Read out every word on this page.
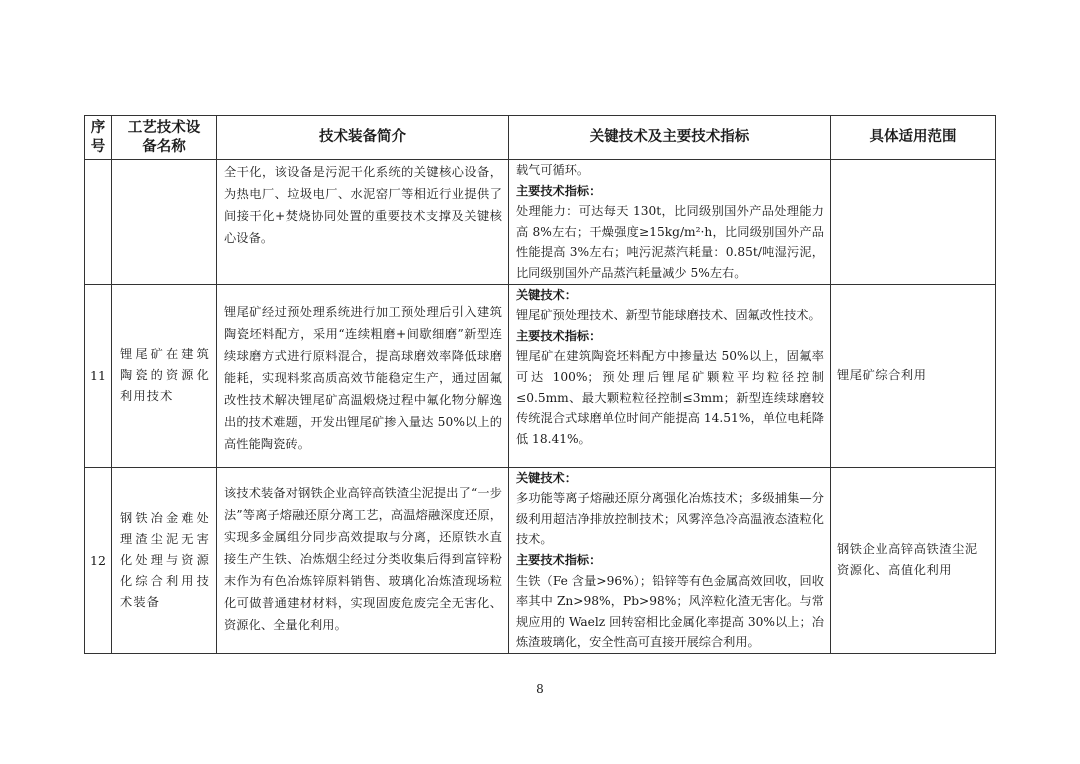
序号	工艺技术设备名称	技术装备简介	关键技术及主要技术指标	具体适用范围
		全干化，该设备是污泥干化系统的关键核心设备，为热电厂、垃圾电厂、水泥窑厂等相近行业提供了间接干化+焚烧协同处置的重要技术支撑及关键核心设备。	载气可循环。

主要技术指标：

处理能力：可达每天 130t，比同级别国外产品处理能力高 8%左右；干燥强度≥15kg/m²·h，比同级别国外产品性能提高 3%左右；吨污泥蒸汽耗量：0.85t/吨湿污泥，比同级别国外产品蒸汽耗量减少 5%左右。	

11	锂尾矿在建筑陶瓷的资源化利用技术	锂尾矿经过预处理系统进行加工预处理后引入建筑陶瓷坯料配方，采用“连续粗磨+间歇细磨”新型连续球磨方式进行原料混合，提高球磨效率降低球磨能耗，实现料浆高质高效节能稳定生产，通过固氟改性技术解决锂尾矿高温煅烧过程中氟化物分解逸出的技术难题，开发出锂尾矿掺入量达 50%以上的高性能陶瓷砖。	关键技术：

锂尾矿预处理技术、新型节能球磨技术、固氟改性技术。

主要技术指标：

锂尾矿在建筑陶瓷坯料配方中掺量达 50%以上，固氟率可达 100%；预处理后锂尾矿颗粒平均粒径控制≤0.5mm、最大颗粒粒径控制≤3mm；新型连续球磨较传统混合式球磨单位时间产能提高 14.51%，单位电耗降低 18.41%。	锂尾矿综合利用
12	钢铁冶金难处理渣尘泥无害化处理与资源化综合利用技术装备	该技术装备对钢铁企业高锌高铁渣尘泥提出了“一步法”等离子熔融还原分离工艺，高温熔融深度还原，实现多金属组分同步高效提取与分离，还原铁水直接生产生铁、冶炼烟尘经过分类收集后得到富锌粉末作为有色冶炼锌原料销售、玻璃化冶炼渣现场粒化可做普通建材材料，实现固废危废完全无害化、资源化、全量化利用。	关键技术：

多功能等离子熔融还原分离强化冶炼技术；多级捕集—分级利用超洁净排放控制技术；风雾淬急冷高温液态渣粒化技术。

主要技术指标：

生铁（Fe 含量>96%）；铅锌等有色金属高效回收，回收率其中 Zn>98%，Pb>98%；风淬粒化渣无害化。与常规应用的 Waelz 回转窑相比金属化率提高 30%以上；冶炼渣玻璃化，安全性高可直接开展综合利用。	钢铁企业高锌高铁渣尘泥资源化、高值化利用
8
